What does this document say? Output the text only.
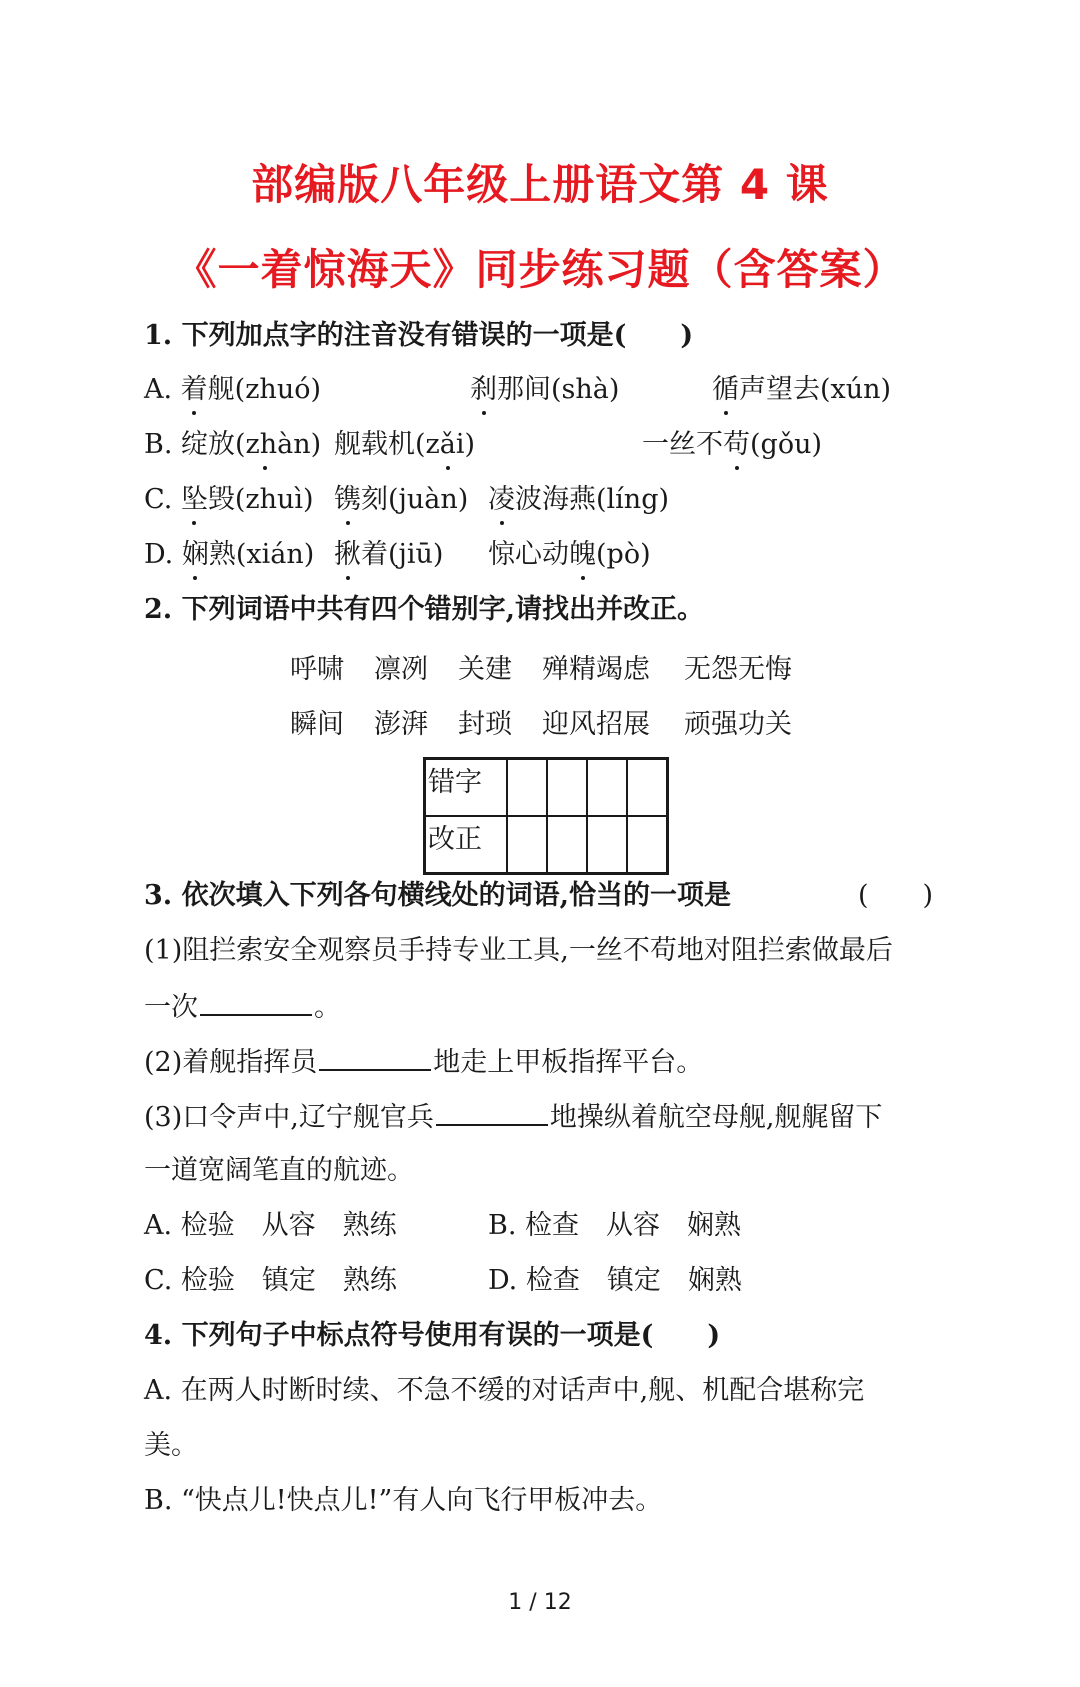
部编版八年级上册语文第 4 课
《一着惊海天》同步练习题（含答案）
1. 下列加点字的注音没有错误的一项是(　　)
A. 着舰(zhuó)	刹那间(shà)	循声望去(xún)
B. 绽放(zhàn) 舰载机(zǎi)	一丝不苟(gǒu)
C. 坠毁(zhuì) 镌刻(juàn) 凌波海燕(líng)
D. 娴熟(xián) 揪着(jiū) 惊心动魄(pò)
2. 下列词语中共有四个错别字,请找出并改正。
呼啸 凛冽 关建 殚精竭虑 无怨无悔
瞬间 澎湃 封琐 迎风招展 顽强功关
错字				
改正				
3. 依次填入下列各句横线处的词语,恰当的一项是	(　　)
(1)阻拦索安全观察员手持专业工具,一丝不苟地对阻拦索做最后
一次	。
(2)着舰指挥员	地走上甲板指挥平台。
(3)口令声中,辽宁舰官兵	地操纵着航空母舰,舰艉留下
一道宽阔笔直的航迹。
A. 检验　从容　熟练	B. 检查　从容　娴熟
C. 检验　镇定　熟练	D. 检查　镇定　娴熟
4. 下列句子中标点符号使用有误的一项是(　　)
A. 在两人时断时续、不急不缓的对话声中,舰、机配合堪称完
美。
B. “快点儿!快点儿!”有人向飞行甲板冲去。
1 / 12
